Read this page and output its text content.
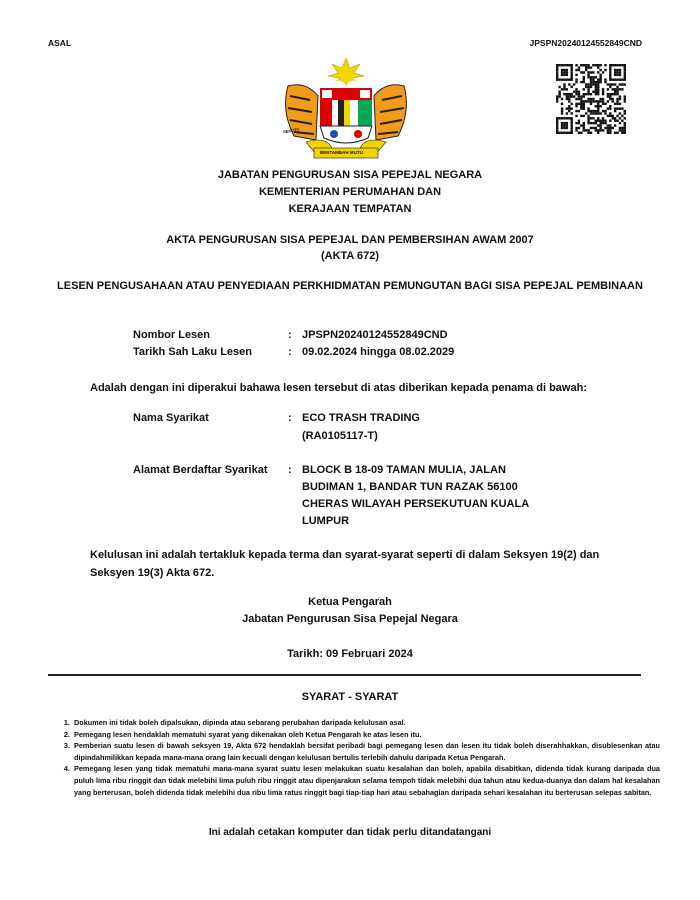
ASAL	JPSPN20240124552849CND
SEKUTU
BERTAMBAH MUTU
JABATAN PENGURUSAN SISA PEPEJAL NEGARA
KEMENTERIAN PERUMAHAN DAN
KERAJAAN TEMPATAN
AKTA PENGURUSAN SISA PEPEJAL DAN PEMBERSIHAN AWAM 2007
(AKTA 672)
LESEN PENGUSAHAAN ATAU PENYEDIAAN PERKHIDMATAN PEMUNGUTAN BAGI SISA PEPEJAL PEMBINAAN
Nombor Lesen	: JPSPN20240124552849CND
Tarikh Sah Laku Lesen	: 09.02.2024 hingga 08.02.2029
Adalah dengan ini diperakui bahawa lesen tersebut di atas diberikan kepada penama di bawah:
Nama Syarikat	: ECO TRASH TRADING
(RA0105117-T)
Alamat Berdaftar Syarikat : BLOCK B 18-09 TAMAN MULIA, JALAN
BUDIMAN 1, BANDAR TUN RAZAK 56100
CHERAS WILAYAH PERSEKUTUAN KUALA
LUMPUR
Kelulusan ini adalah tertakluk kepada terma dan syarat-syarat seperti di dalam Seksyen 19(2) dan
Seksyen 19(3) Akta 672.
Ketua Pengarah
Jabatan Pengurusan Sisa Pepejal Negara
Tarikh: 09 Februari 2024
SYARAT - SYARAT
1. Dokumen ini tidak boleh dipalsukan, dipinda atau sebarang perubahan daripada kelulusan asal.
2. Pemegang lesen hendaklah mematuhi syarat yang dikenakan oleh Ketua Pengarah ke atas lesen itu.
3. Pemberian suatu lesen di bawah seksyen 19, Akta 672 hendaklah bersifat peribadi bagi pemegang lesen dan lesen itu tidak boleh diserahhakkan, disublesenkan atau dipindahmilikkan kepada mana-mana orang lain kecuali dengan kelulusan bertulis terlebih dahulu daripada Ketua Pengarah.
4. Pemegang lesen yang tidak mematuhi mana-mana syarat suatu lesen melakukan suatu kesalahan dan boleh, apabila disabitkan, didenda tidak kurang daripada dua puluh lima ribu ringgit dan tidak melebihi lima puluh ribu ringgit atau dipenjarakan selama tempoh tidak melebihi dua tahun atau kedua-duanya dan dalam hal kesalahan yang berterusan, boleh didenda tidak melebihi dua ribu lima ratus ringgit bagi tiap-tiap hari atau sebahagian daripada sehari kesalahan itu berterusan selepas sabitan.
Ini adalah cetakan komputer dan tidak perlu ditandatangani
